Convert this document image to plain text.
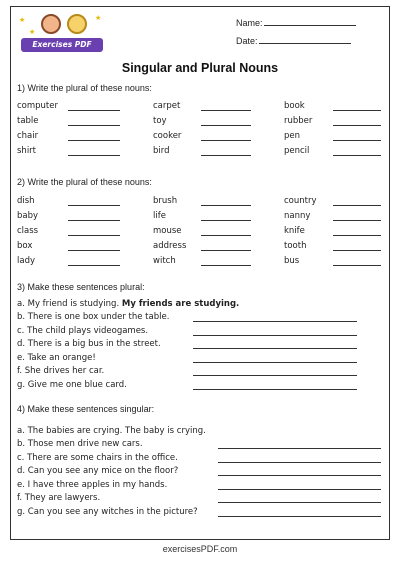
★	★
★
Exercises PDF
Name:
Date:
Singular and Plural Nouns
1) Write the plural of these nouns:
computer
table
chair
shirt
carpet
toy
cooker
bird
book
rubber
pen
pencil
2) Write the plural of these nouns:
dish
baby
class
box
lady
brush
life
mouse
address
witch
country
nanny
knife
tooth
bus
3) Make these sentences plural:
a. My friend is studying. My friends are studying.
b. There is one box under the table.
c. The child plays videogames.
d. There is a big bus in the street.
e. Take an orange!
f. She drives her car.
g. Give me one blue card.
4) Make these sentences singular:
a. The babies are crying. The baby is crying.
b. Those men drive new cars.
c. There are some chairs in the office.
d. Can you see any mice on the floor?
e. I have three apples in my hands.
f. They are lawyers.
g. Can you see any witches in the picture?
exercisesPDF.com
